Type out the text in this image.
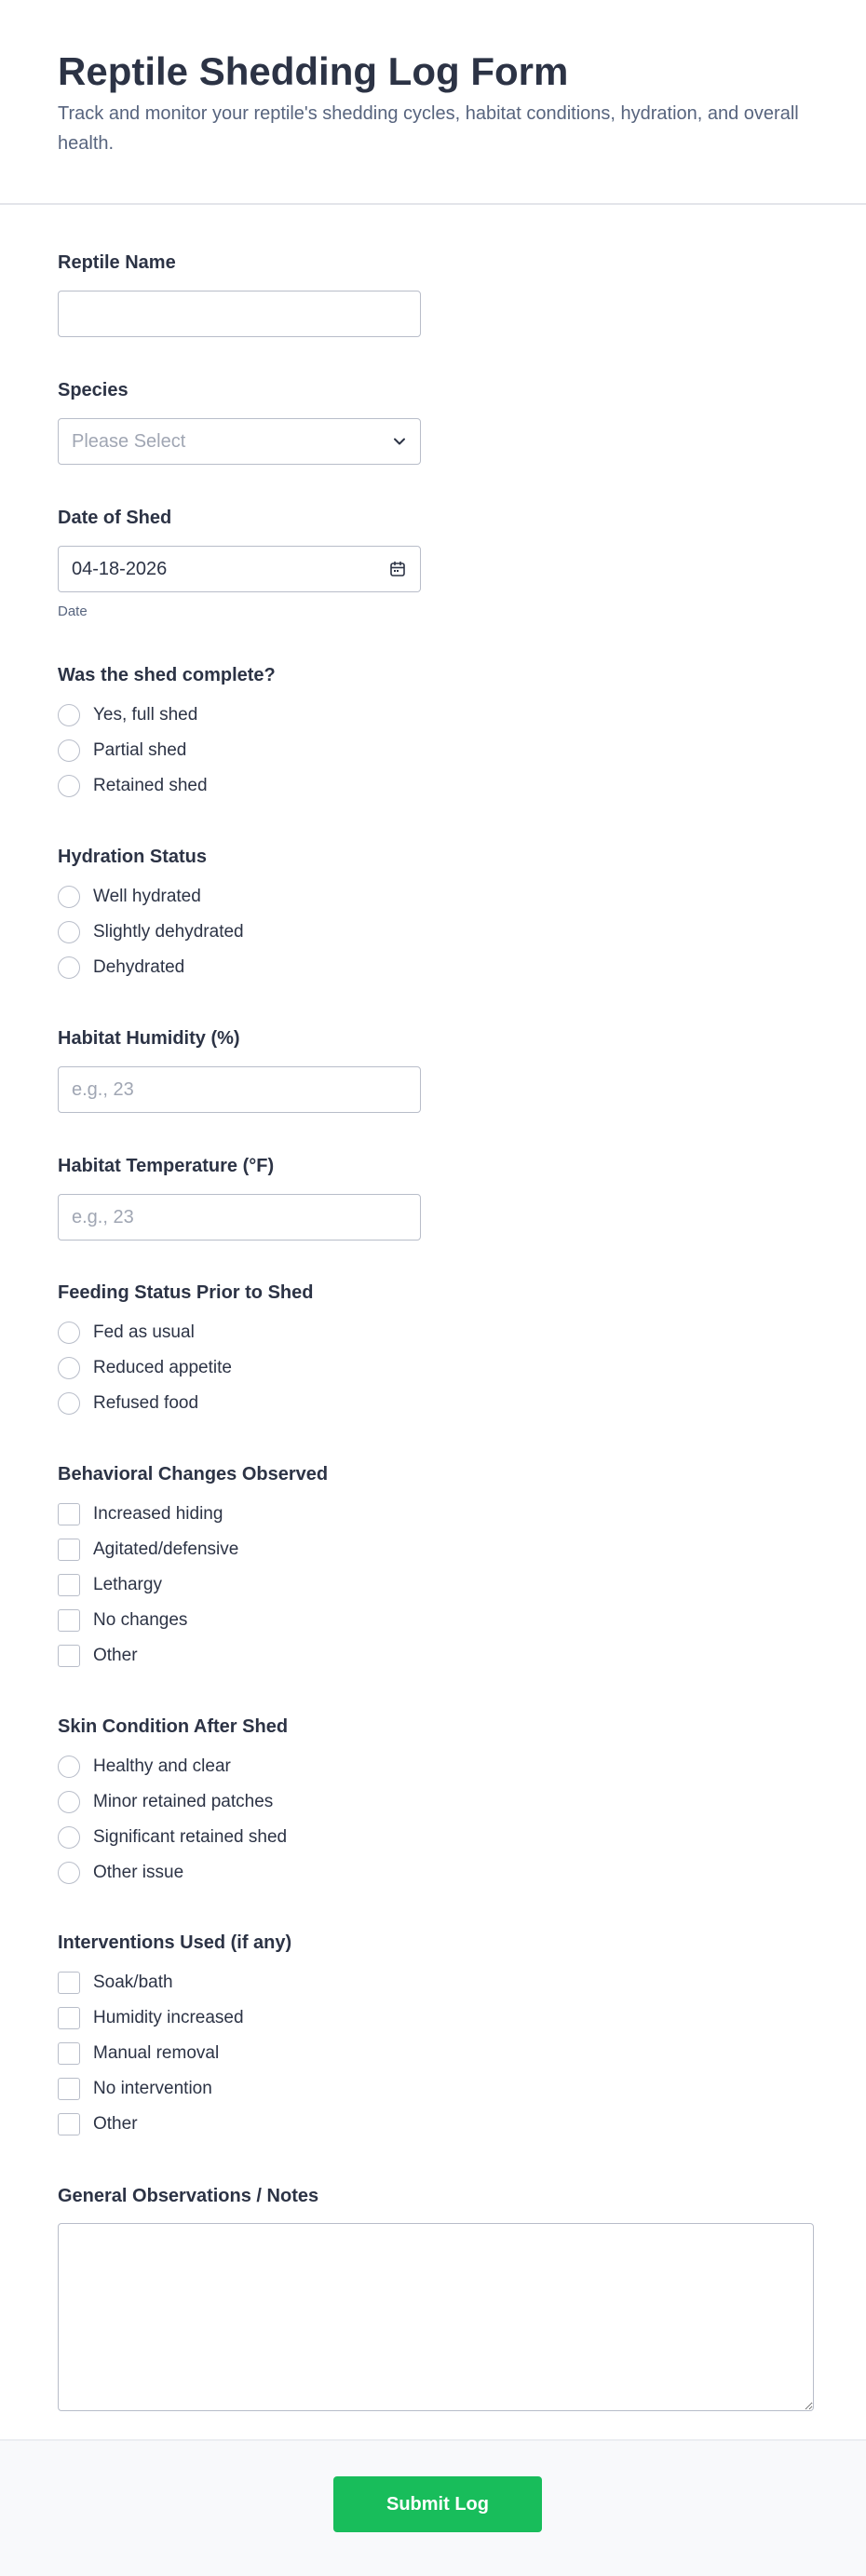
Reptile Shedding Log Form

Track and monitor your reptile's shedding cycles, habitat conditions, hydration, and overall health.

Reptile Name
Species
Please Select
Date of Shed
04-18-2026
Date
Was the shed complete?
Yes, full shed
Partial shed
Retained shed
Hydration Status
Well hydrated
Slightly dehydrated
Dehydrated
Habitat Humidity (%)
e.g., 23
Habitat Temperature (°F)
e.g., 23
Feeding Status Prior to Shed
Fed as usual
Reduced appetite
Refused food
Behavioral Changes Observed
Increased hiding
Agitated/defensive
Lethargy
No changes
Other
Skin Condition After Shed
Healthy and clear
Minor retained patches
Significant retained shed
Other issue
Interventions Used (if any)
Soak/bath
Humidity increased
Manual removal
No intervention
Other
General Observations / Notes
Submit Log
